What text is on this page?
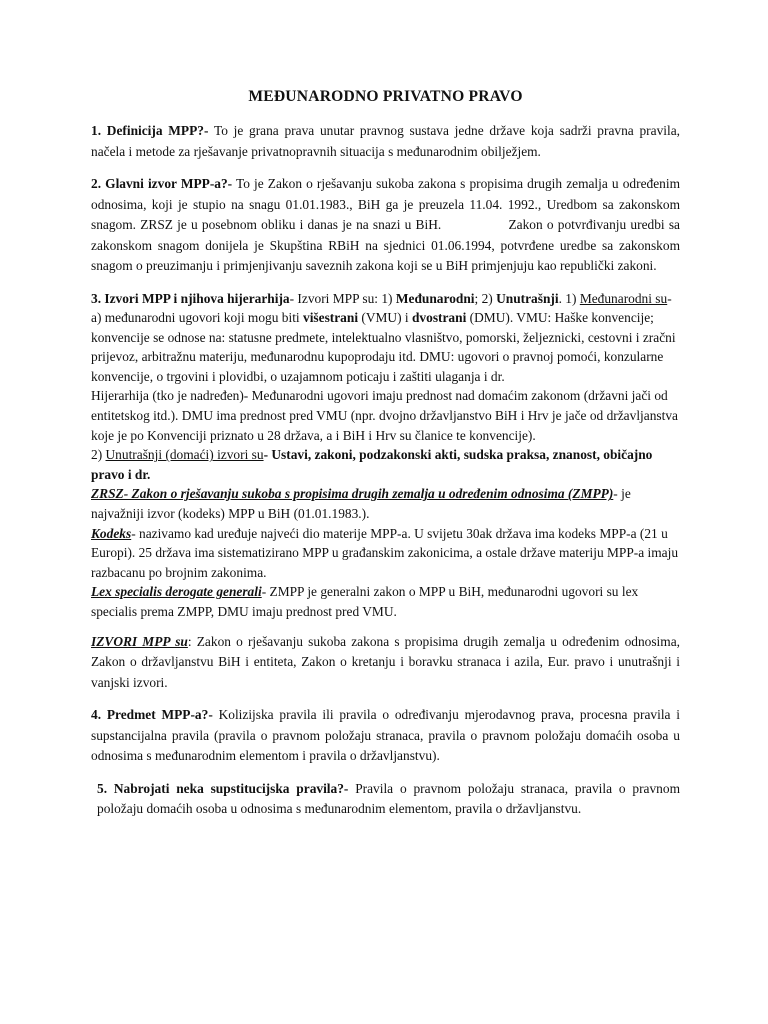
MEĐUNARODNO PRIVATNO PRAVO

1. Definicija MPP?- To je grana prava unutar pravnog sustava jedne države koja sadrži pravna pravila, načela i metode za rješavanje privatnopravnih situacija s međunarodnim obilježjem.

2. Glavni izvor MPP-a?- To je Zakon o rješavanju sukoba zakona s propisima drugih zemalja u određenim odnosima, koji je stupio na snagu 01.01.1983., BiH ga je preuzela 11.04. 1992., Uredbom sa zakonskom snagom. ZRSZ je u posebnom obliku i danas je na snazi u BiH.                Zakon o potvrđivanju uredbi sa zakonskom snagom donijela je Skupština RBiH na sjednici 01.06.1994, potvrđene uredbe sa zakonskom snagom o preuzimanju i primjenjivanju saveznih zakona koji se u BiH primjenjuju kao republički zakoni.

3. Izvori MPP i njihova hijerarhija- Izvori MPP su: 1) Međunarodni; 2) Unutrašnji. 1) Međunarodni su- a) međunarodni ugovori koji mogu biti višestrani (VMU) i dvostrani (DMU). VMU: Haške konvencije; konvencije se odnose na: statusne predmete, intelektualno vlasništvo, pomorski, željeznicki, cestovni i zračni prijevoz, arbitražnu materiju, međunarodnu kupoprodaju itd. DMU: ugovori o pravnoj pomoći, konzularne konvencije, o trgovini i plovidbi, o uzajamnom poticaju i zaštiti ulaganja i dr.

Hijerarhija (tko je nadređen)- Međunarodni ugovori imaju prednost nad domaćim zakonom (državni jači od entitetskog itd.). DMU ima prednost pred VMU (npr. dvojno državljanstvo BiH i Hrv je jače od državljanstva koje je po Konvenciji priznato u 28 država, a i BiH i Hrv su članice te konvencije).

2) Unutrašnji (domaći) izvori su- Ustavi, zakoni, podzakonski akti, sudska praksa, znanost, običajno pravo i dr.

ZRSZ- Zakon o rješavanju sukoba s propisima drugih zemalja u određenim odnosima (ZMPP)- je najvažniji izvor (kodeks) MPP u BiH (01.01.1983.).

Kodeks- nazivamo kad uređuje najveći dio materije MPP-a. U svijetu 30ak država ima kodeks MPP-a (21 u Europi). 25 država ima sistematizirano MPP u građanskim zakonicima, a ostale države materiju MPP-a imaju razbacanu po brojnim zakonima.

Lex specialis derogate generali- ZMPP je generalni zakon o MPP u BiH, međunarodni ugovori su lex specialis prema ZMPP, DMU imaju prednost pred VMU.

IZVORI MPP su: Zakon o rješavanju sukoba zakona s propisima drugih zemalja u određenim odnosima, Zakon o državljanstvu BiH i entiteta, Zakon o kretanju i boravku stranaca i azila, Eur. pravo i unutrašnji i vanjski izvori.

4. Predmet MPP-a?- Kolizijska pravila ili pravila o određivanju mjerodavnog prava, procesna pravila i supstancijalna pravila (pravila o pravnom položaju stranaca, pravila o pravnom položaju domaćih osoba u odnosima s međunarodnim elementom i pravila o državljanstvu).

5. Nabrojati neka supstitucijska pravila?- Pravila o pravnom položaju stranaca, pravila o pravnom položaju domaćih osoba u odnosima s međunarodnim elementom, pravila o državljanstvu.
